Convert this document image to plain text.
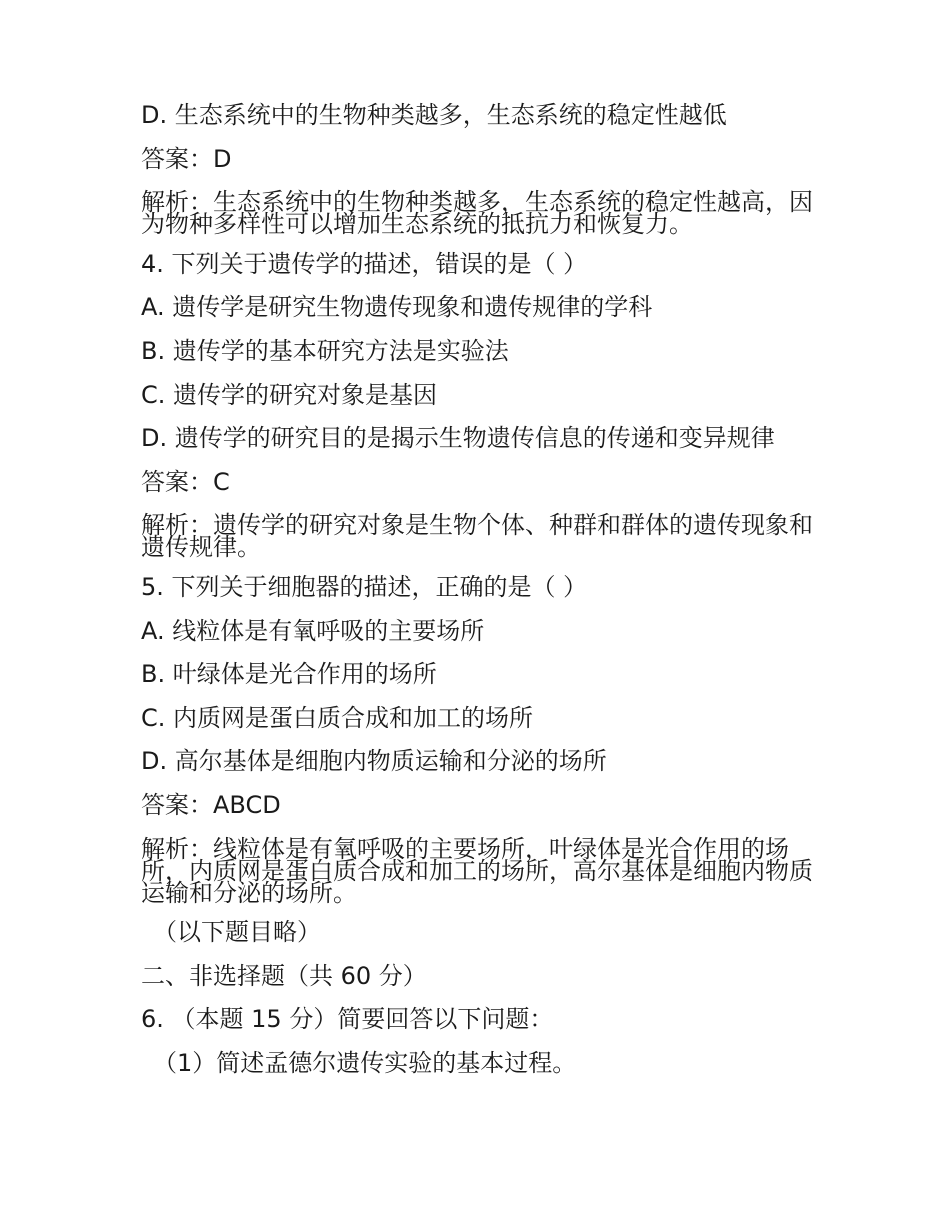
D. 生态系统中的生物种类越多，生态系统的稳定性越低
答案：D
解析：生态系统中的生物种类越多，生态系统的稳定性越高，因为物种多样性可以增加生态系统的抵抗力和恢复力。
4. 下列关于遗传学的描述，错误的是（ ）
A. 遗传学是研究生物遗传现象和遗传规律的学科
B. 遗传学的基本研究方法是实验法
C. 遗传学的研究对象是基因
D. 遗传学的研究目的是揭示生物遗传信息的传递和变异规律
答案：C
解析：遗传学的研究对象是生物个体、种群和群体的遗传现象和遗传规律。
5. 下列关于细胞器的描述，正确的是（ ）
A. 线粒体是有氧呼吸的主要场所
B. 叶绿体是光合作用的场所
C. 内质网是蛋白质合成和加工的场所
D. 高尔基体是细胞内物质运输和分泌的场所
答案：ABCD
解析：线粒体是有氧呼吸的主要场所，叶绿体是光合作用的场所，内质网是蛋白质合成和加工的场所，高尔基体是细胞内物质运输和分泌的场所。
（以下题目略）
二、非选择题（共 60 分）
6. （本题 15 分）简要回答以下问题：
（1）简述孟德尔遗传实验的基本过程。
